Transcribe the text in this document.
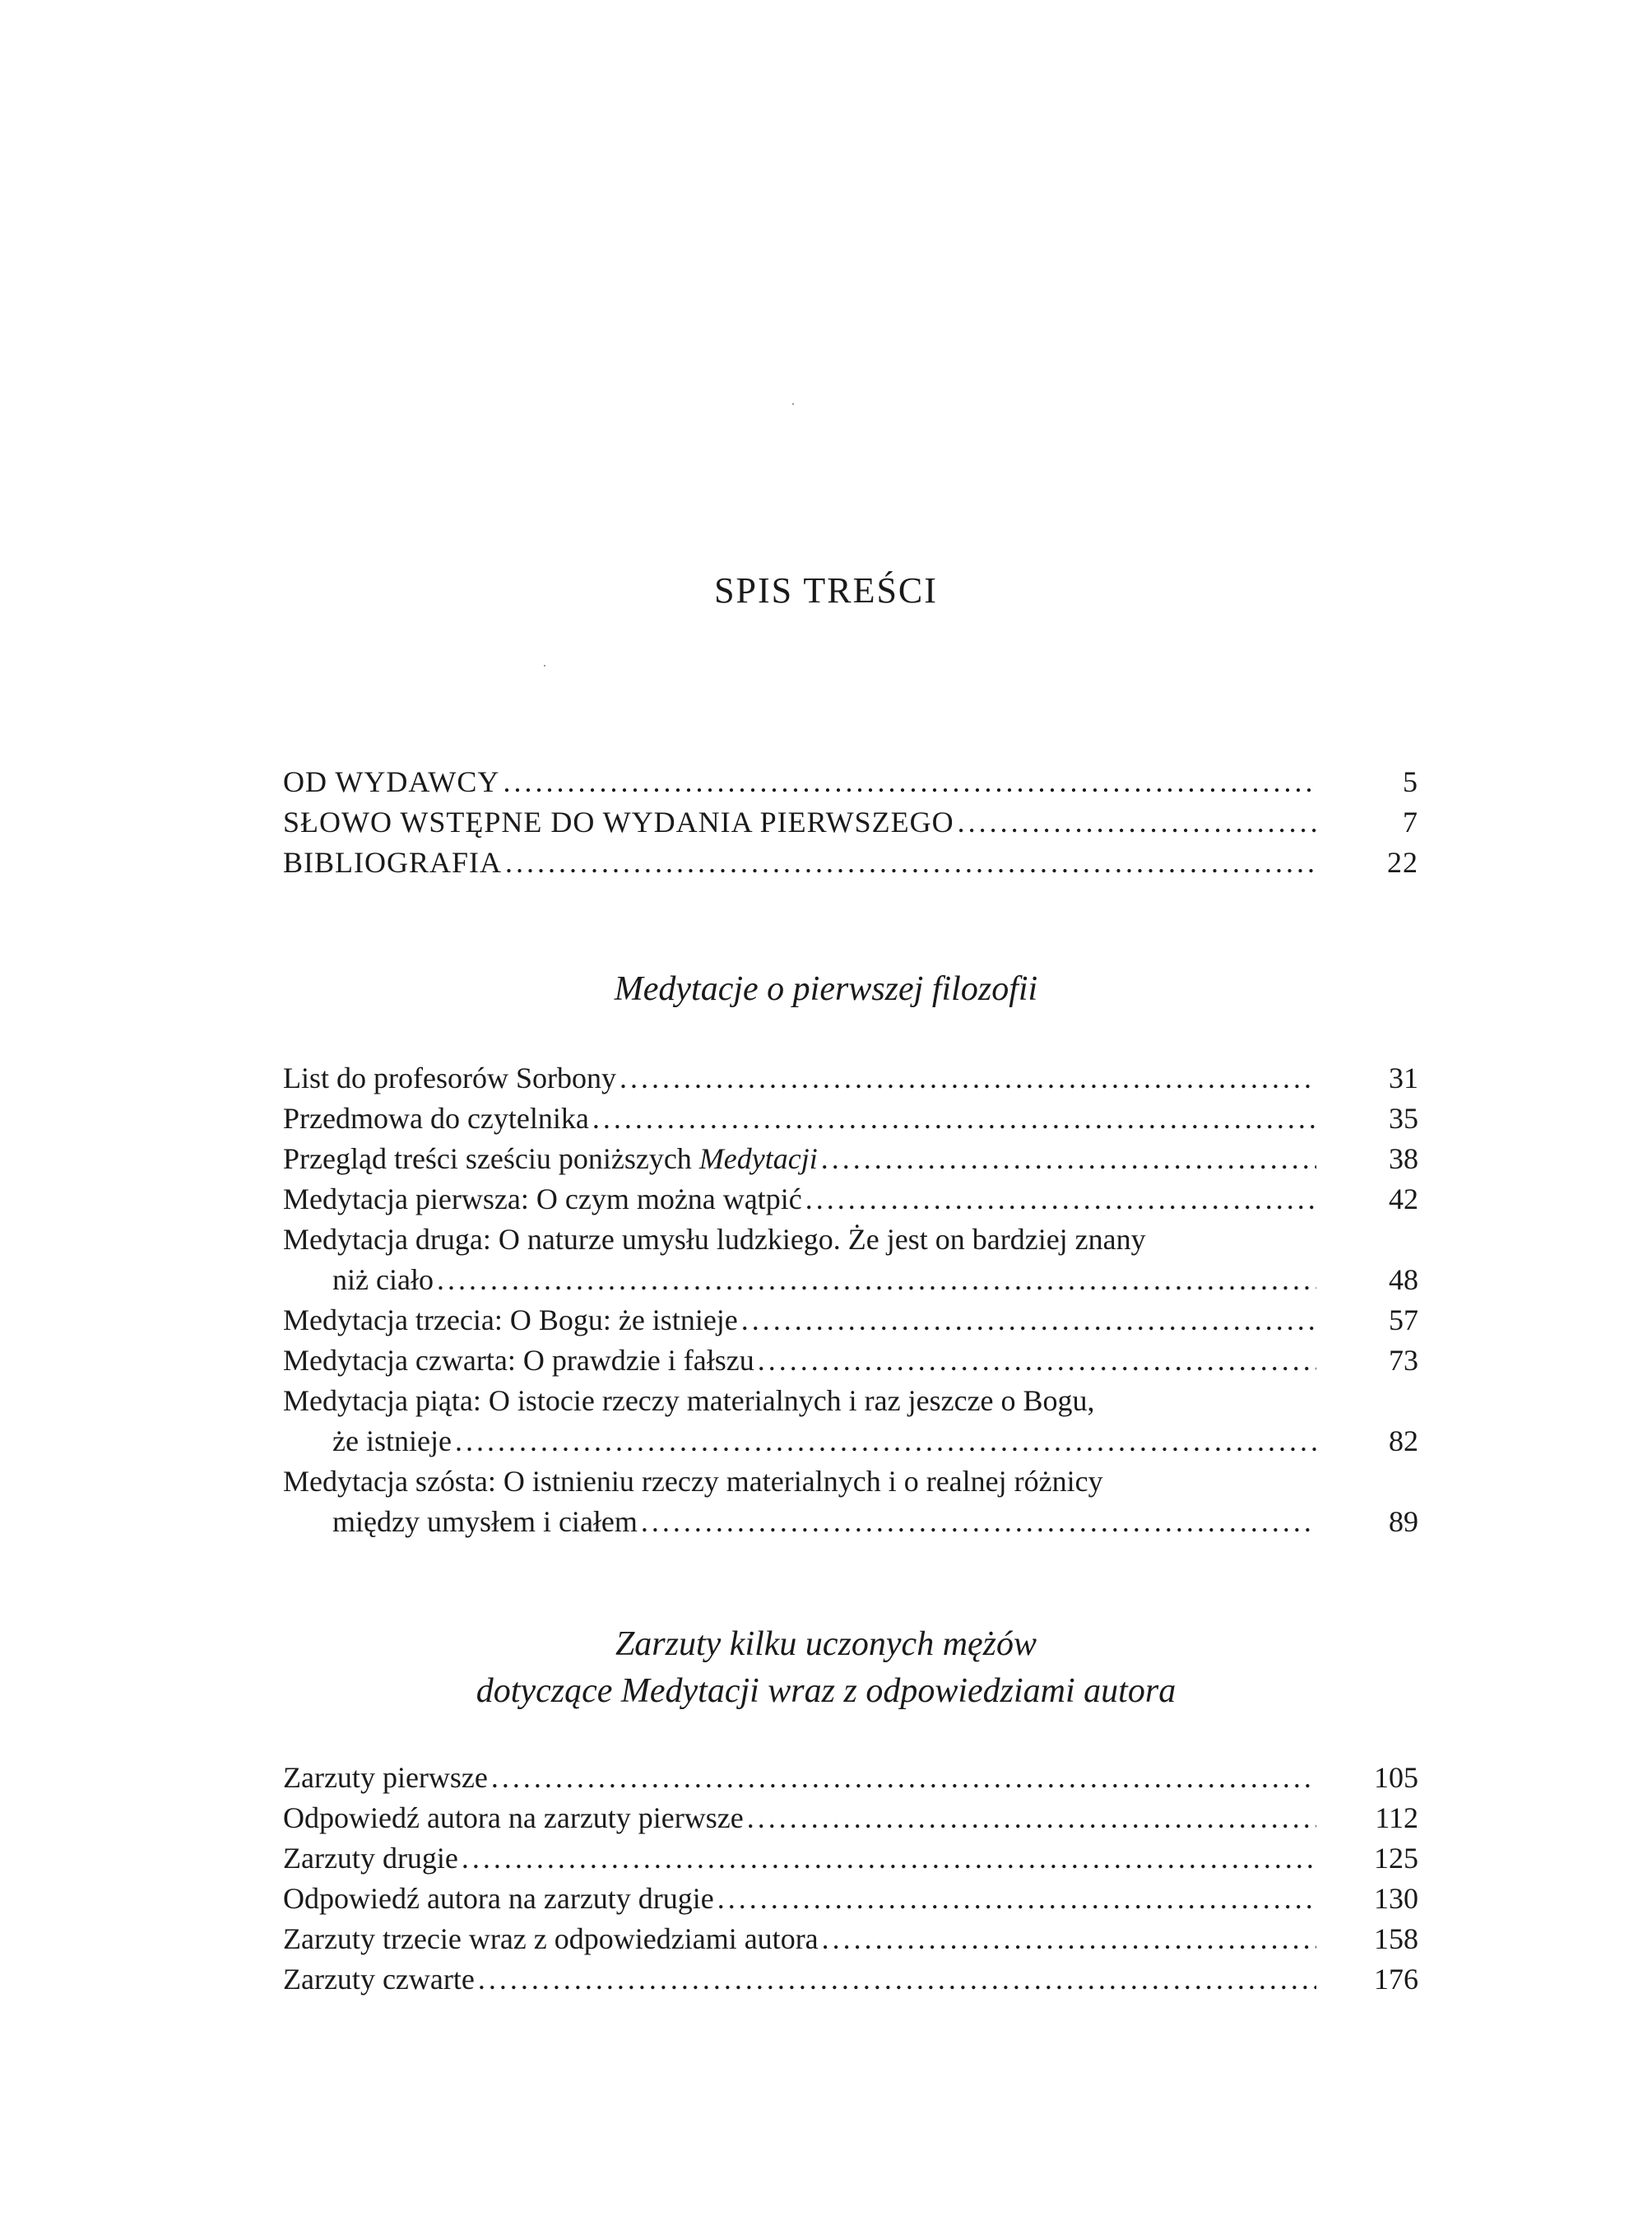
SPIS TREŚCI
OD WYDAWCY .....	5
SŁOWO WSTĘPNE DO WYDANIA PIERWSZEGO .....	7
BIBLIOGRAFIA .....	22
Medytacje o pierwszej filozofii
List do profesorów Sorbony .....	31
Przedmowa do czytelnika .....	35
Przegląd treści sześciu poniższych Medytacji .....	38
Medytacja pierwsza: O czym można wątpić .....	42
Medytacja druga: O naturze umysłu ludzkiego. Że jest on bardziej znany
niż ciało .....	48
Medytacja trzecia: O Bogu: że istnieje .....	57
Medytacja czwarta: O prawdzie i fałszu .....	73
Medytacja piąta: O istocie rzeczy materialnych i raz jeszcze o Bogu,
że istnieje .....	82
Medytacja szósta: O istnieniu rzeczy materialnych i o realnej różnicy
między umysłem i ciałem .....	89
Zarzuty kilku uczonych mężów
dotyczące Medytacji wraz z odpowiedziami autora
Zarzuty pierwsze .....	105
Odpowiedź autora na zarzuty pierwsze .....	112
Zarzuty drugie .....	125
Odpowiedź autora na zarzuty drugie .....	130
Zarzuty trzecie wraz z odpowiedziami autora .....	158
Zarzuty czwarte .....	176
